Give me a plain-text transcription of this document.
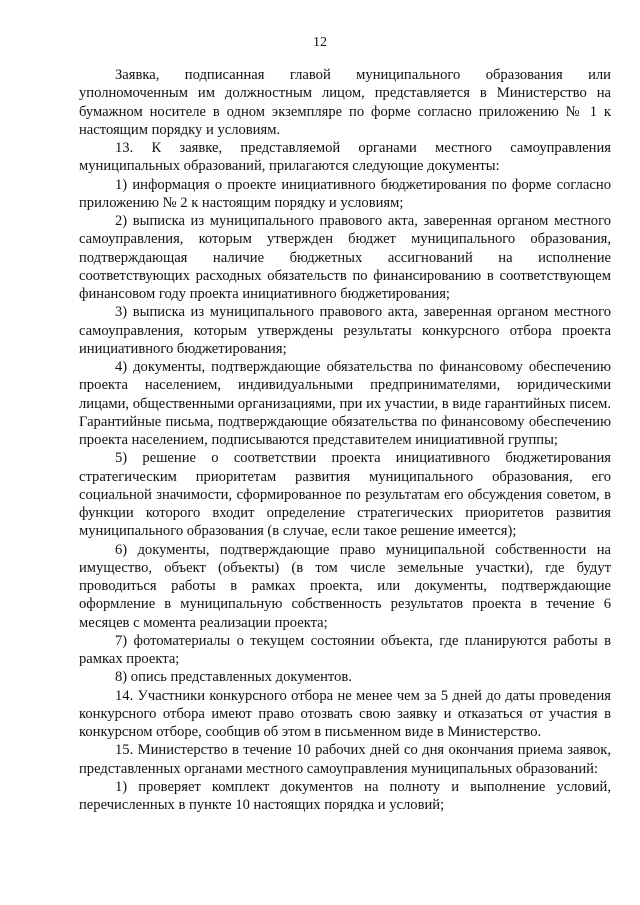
12

Заявка, подписанная главой муниципального образования или уполномоченным им должностным лицом, представляется в Министерство на бумажном носителе в одном экземпляре по форме согласно приложению № 1 к настоящим порядку и условиям.

13. К заявке, представляемой органами местного самоуправления муниципальных образований, прилагаются следующие документы:

1) информация о проекте инициативного бюджетирования по форме согласно приложению № 2 к настоящим порядку и условиям;

2) выписка из муниципального правового акта, заверенная органом местного самоуправления, которым утвержден бюджет муниципального образования, подтверждающая наличие бюджетных ассигнований на исполнение соответствующих расходных обязательств по финансированию в соответствующем финансовом году проекта инициативного бюджетирования;

3) выписка из муниципального правового акта, заверенная органом местного самоуправления, которым утверждены результаты конкурсного отбора проекта инициативного бюджетирования;

4) документы, подтверждающие обязательства по финансовому обеспечению проекта населением, индивидуальными предпринимателями, юридическими лицами, общественными организациями, при их участии, в виде гарантийных писем. Гарантийные письма, подтверждающие обязательства по финансовому обеспечению проекта населением, подписываются представителем инициативной группы;

5) решение о соответствии проекта инициативного бюджетирования стратегическим приоритетам развития муниципального образования, его социальной значимости, сформированное по результатам его обсуждения советом, в функции которого входит определение стратегических приоритетов развития муниципального образования (в случае, если такое решение имеется);

6) документы, подтверждающие право муниципальной собственности на имущество, объект (объекты) (в том числе земельные участки), где будут проводиться работы в рамках проекта, или документы, подтверждающие оформление в муниципальную собственность результатов проекта в течение 6 месяцев с момента реализации проекта;

7) фотоматериалы о текущем состоянии объекта, где планируются работы в рамках проекта;

8) опись представленных документов.

14. Участники конкурсного отбора не менее чем за 5 дней до даты проведения конкурсного отбора имеют право отозвать свою заявку и отказаться от участия в конкурсном отборе, сообщив об этом в письменном виде в Министерство.

15. Министерство в течение 10 рабочих дней со дня окончания приема заявок, представленных органами местного самоуправления муниципальных образований:

1) проверяет комплект документов на полноту и выполнение условий, перечисленных в пункте 10 настоящих порядка и условий;
